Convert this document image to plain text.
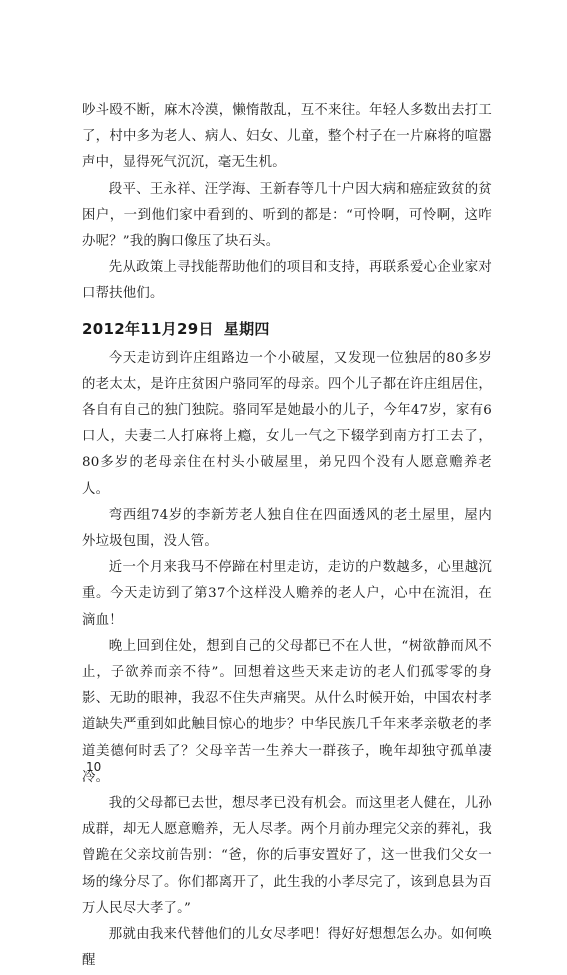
吵斗殴不断，麻木冷漠，懒惰散乱，互不来往。年轻人多数出去打工了，村中多为老人、病人、妇女、儿童，整个村子在一片麻将的喧嚣声中，显得死气沉沉，毫无生机。

段平、王永祥、汪学海、王新春等几十户因大病和癌症致贫的贫困户，一到他们家中看到的、听到的都是：“可怜啊，可怜啊，这咋办呢？”我的胸口像压了块石头。

先从政策上寻找能帮助他们的项目和支持，再联系爱心企业家对口帮扶他们。

2012年11月29日 星期四

今天走访到许庄组路边一个小破屋，又发现一位独居的80多岁的老太太，是许庄贫困户骆同军的母亲。四个儿子都在许庄组居住，各自有自己的独门独院。骆同军是她最小的儿子，今年47岁，家有6口人，夫妻二人打麻将上瘾，女儿一气之下辍学到南方打工去了，80多岁的老母亲住在村头小破屋里，弟兄四个没有人愿意赡养老人。

弯西组74岁的李新芳老人独自住在四面透风的老土屋里，屋内外垃圾包围，没人管。

近一个月来我马不停蹄在村里走访，走访的户数越多，心里越沉重。今天走访到了第37个这样没人赡养的老人户，心中在流泪，在滴血！

晚上回到住处，想到自己的父母都已不在人世，“树欲静而风不止，子欲养而亲不待”。回想着这些天来走访的老人们孤零零的身影、无助的眼神，我忍不住失声痛哭。从什么时候开始，中国农村孝道缺失严重到如此触目惊心的地步？中华民族几千年来孝亲敬老的孝道美德何时丢了？父母辛苦一生养大一群孩子，晚年却独守孤单凄冷。

我的父母都已去世，想尽孝已没有机会。而这里老人健在，儿孙成群，却无人愿意赡养，无人尽孝。两个月前办理完父亲的葬礼，我曾跪在父亲坟前告别：“爸，你的后事安置好了，这一世我们父女一场的缘分尽了。你们都离开了，此生我的小孝尽完了，该到息县为百万人民尽大孝了。”

那就由我来代替他们的儿女尽孝吧！得好好想想怎么办。如何唤醒

10
